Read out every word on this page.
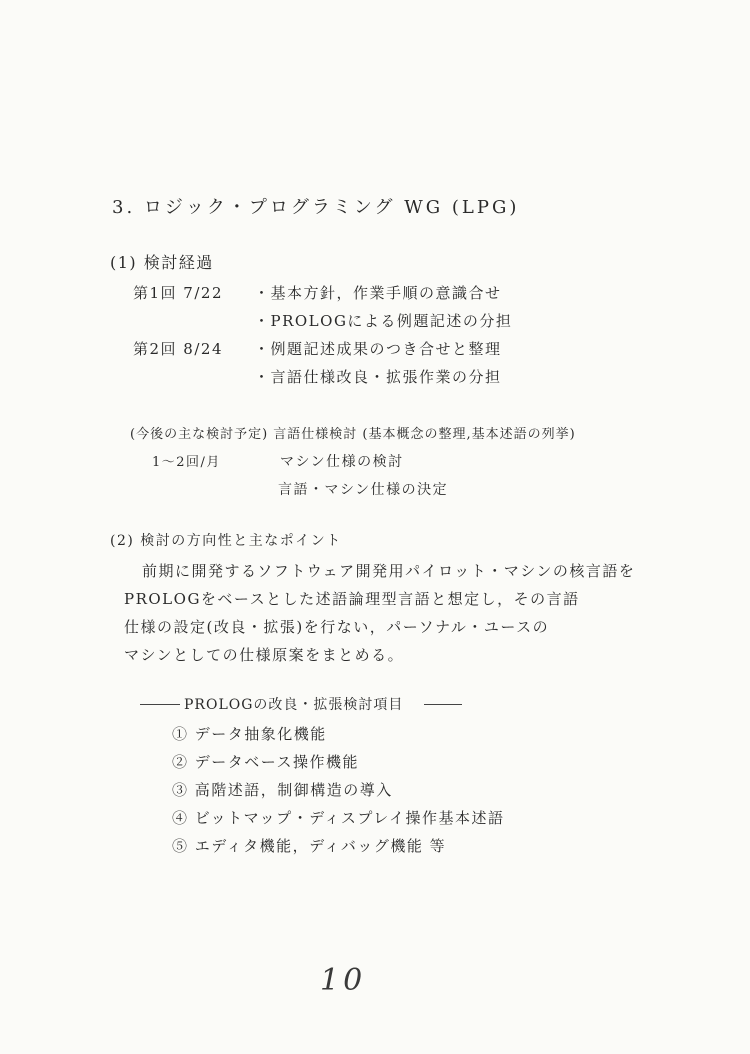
3. ロジック・プログラミング WG (LPG)
(1) 検討経過
第1回 7/22 ・基本方針，作業手順の意識合せ
・PROLOGによる例題記述の分担
第2回 8/24 ・例題記述成果のつき合せと整理
・言語仕様改良・拡張作業の分担
(今後の主な検討予定) 言語仕様検討 (基本概念の整理,基本述語の列挙)
1～2回/月	マシン仕様の検討
言語・マシン仕様の決定
(2) 検討の方向性と主なポイント
前期に開発するソフトウェア開発用パイロット・マシンの核言語を
PROLOGをベースとした述語論理型言語と想定し，その言語
仕様の設定(改良・拡張)を行ない，パーソナル・ユースの
マシンとしての仕様原案をまとめる。
PROLOGの改良・拡張検討項目
① データ抽象化機能
② データベース操作機能
③ 高階述語，制御構造の導入
④ ビットマップ・ディスプレイ操作基本述語
⑤ エディタ機能，ディバッグ機能 等
10
